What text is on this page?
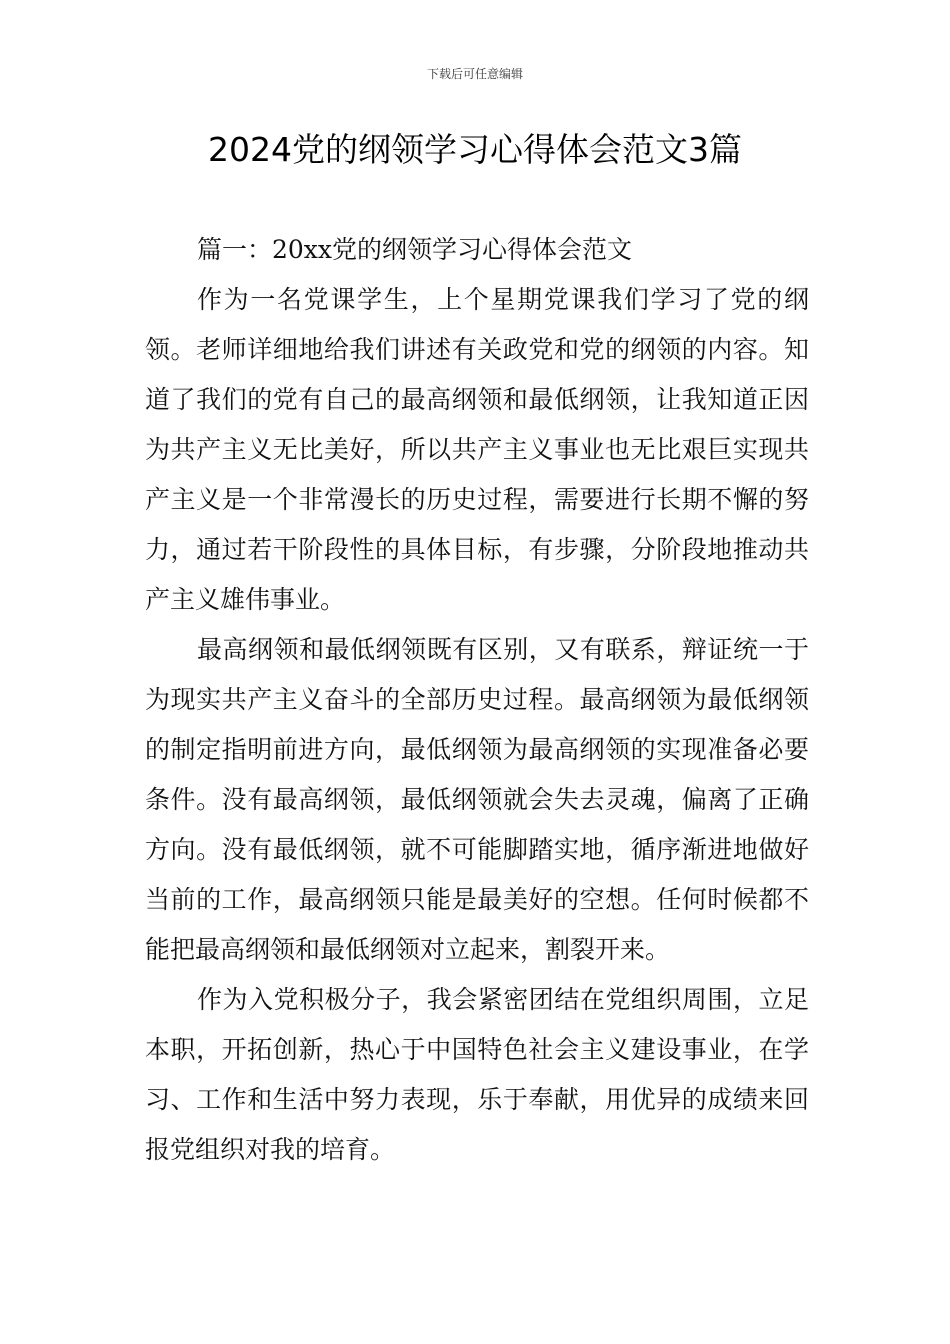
下载后可任意编辑
2024党的纲领学习心得体会范文3篇

篇一：20xx党的纲领学习心得体会范文

作为一名党课学生，上个星期党课我们学习了党的纲领。老师详细地给我们讲述有关政党和党的纲领的内容。知道了我们的党有自己的最高纲领和最低纲领，让我知道正因为共产主义无比美好，所以共产主义事业也无比艰巨实现共产主义是一个非常漫长的历史过程，需要进行长期不懈的努力，通过若干阶段性的具体目标，有步骤，分阶段地推动共产主义雄伟事业。

最高纲领和最低纲领既有区别，又有联系，辩证统一于为现实共产主义奋斗的全部历史过程。最高纲领为最低纲领的制定指明前进方向，最低纲领为最高纲领的实现准备必要条件。没有最高纲领，最低纲领就会失去灵魂，偏离了正确方向。没有最低纲领，就不可能脚踏实地，循序渐进地做好当前的工作，最高纲领只能是最美好的空想。任何时候都不能把最高纲领和最低纲领对立起来，割裂开来。

作为入党积极分子，我会紧密团结在党组织周围，立足本职，开拓创新，热心于中国特色社会主义建设事业，在学习、工作和生活中努力表现，乐于奉献，用优异的成绩来回报党组织对我的培育。
